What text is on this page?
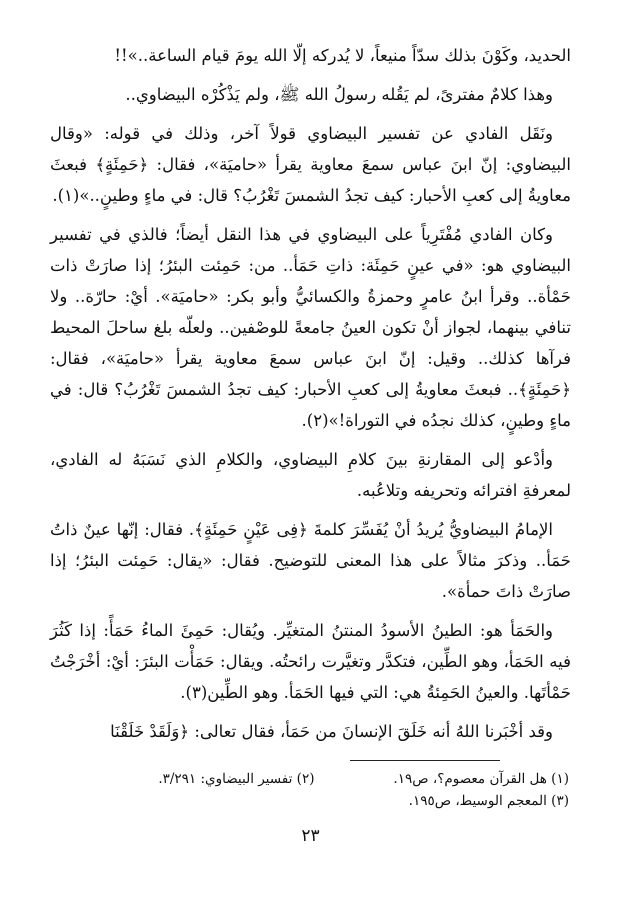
الحديد، وكَوْنَ بذلك سدّاً منيعاً، لا يُدركه إلّا الله يومَ قيام الساعة..»!!

وهذا كلامٌ مفترىً، لم يَقُله رسولُ الله ﷺ، ولم يَذْكُرْه البيضاوي..

ونَقَل الفادي عن تفسير البيضاوي قولاً آخر، وذلك في قوله: «وقال البيضاوي: إنّ ابنَ عباس سمعَ معاوية يقرأ «حاميَة»، فقال: ﴿حَمِئَةٍ﴾ فبعثَ معاويةُ إلى كعبِ الأحبار: كيف تجدُ الشمسَ تَغْرُبُ؟ قال: في ماءٍ وطينٍ..»(١).

وكان الفادي مُفْتَرِياً على البيضاوي في هذا النقل أيضاً؛ فالذي في تفسير البيضاوي هو: «في عينٍ حَمِئَة: ذاتِ حَمَأ.. من: حَمِئت البئرُ؛ إذا صارَتْ ذات حَمْأة.. وقرأ ابنُ عامرٍ وحمزةُ والكسائيُّ وأبو بكر: «حاميَة». أيْ: حارّة.. ولا تنافي بينهما، لجواز أنْ تكون العينُ جامعةً للوصْفين.. ولعلّه بلغ ساحلَ المحيط فرآها كذلك.. وقيل: إنّ ابنَ عباس سمعَ معاوية يقرأ «حاميَة»، فقال: ﴿حَمِئَةٍ﴾.. فبعثَ معاويةُ إلى كعبِ الأحبار: كيف تجدُ الشمسَ تَغْرُبُ؟ قال: في ماءٍ وطينٍ، كذلك نجدُه في التوراة!»(٢).

وأدْعو إلى المقارنةِ بينَ كلامِ البيضاوي، والكلامِ الذي نَسَبَهُ له الفادي، لمعرفةِ افترائه وتحريفه وتلاعُبه.

الإمامُ البيضاويُّ يُريدُ أنْ يُفَسِّرَ كلمةَ ﴿فِى عَيْنٍ حَمِئَةٍ﴾. فقال: إنّها عينٌ ذاتُ حَمَأ.. وذكرَ مثالاً على هذا المعنى للتوضيح. فقال: «يقال: حَمِئت البئرُ؛ إذا صارَتْ ذاتَ حمأة».

والحَمَأ هو: الطينُ الأسودُ المنتنُ المتغيِّر. ويُقال: حَمِئَ الماءُ حَمَأً: إذا كَثُرَ فيه الحَمَأ، وهو الطِّين، فتكدَّر وتغيَّرت رائحتُه. ويقال: حَمَأْت البئرَ: أيْ: أخْرَجْتُ حَمْأتَها. والعينُ الحَمِئةُ هي: التي فيها الحَمَأ. وهو الطِّين(٣).

وقد أخْبَرنا اللهُ أنه خَلَقَ الإنسانَ من حَمَأ، فقال تعالى: ﴿وَلَقَدْ خَلَقْنَا

(١) هل القرآن معصوم؟، ص١٩.
(٢) تفسير البيضاوي: ٣/٢٩١.
(٣) المعجم الوسيط، ص١٩٥.
٢٣
